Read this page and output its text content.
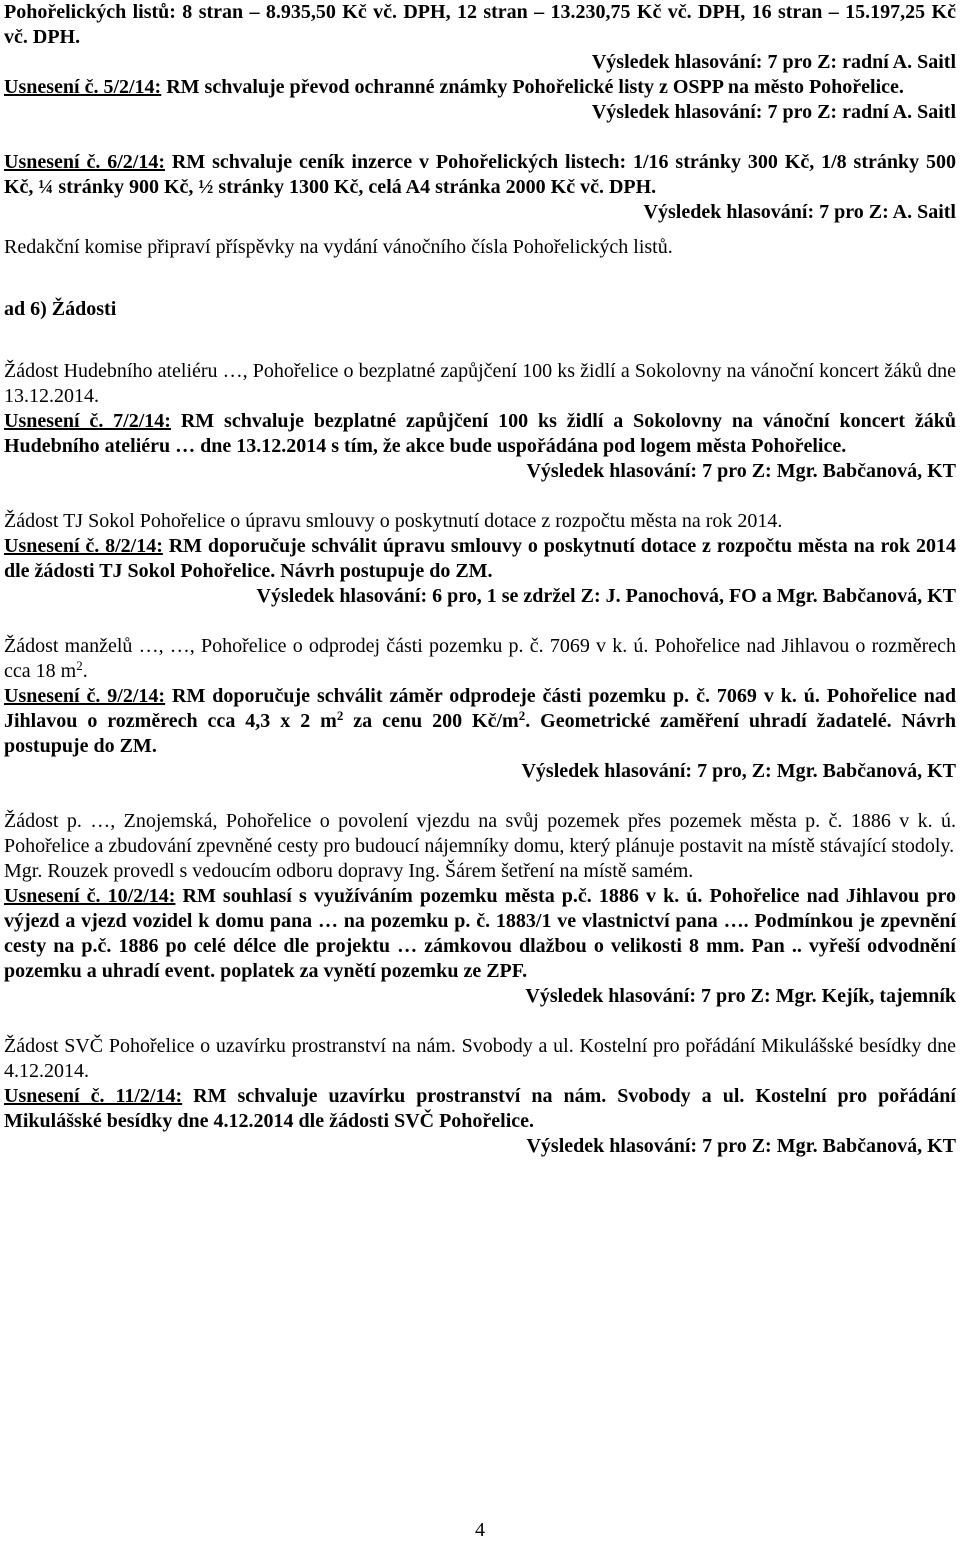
Pohořelických listů: 8 stran – 8.935,50 Kč vč. DPH, 12 stran – 13.230,75 Kč vč. DPH, 16 stran – 15.197,25 Kč vč. DPH.

Výsledek hlasování: 7 pro Z: radní A. Saitl

Usnesení č. 5/2/14: RM schvaluje převod ochranné známky Pohořelické listy z OSPP na město Pohořelice.

Výsledek hlasování: 7 pro Z: radní A. Saitl

Usnesení č. 6/2/14: RM schvaluje ceník inzerce v Pohořelických listech: 1/16 stránky 300 Kč, 1/8 stránky 500 Kč, ¼ stránky 900 Kč, ½ stránky 1300 Kč, celá A4 stránka 2000 Kč vč. DPH.

Výsledek hlasování: 7 pro Z: A. Saitl

Redakční komise připraví příspěvky na vydání vánočního čísla Pohořelických listů.

ad 6) Žádosti

Žádost Hudebního ateliéru …, Pohořelice o bezplatné zapůjčení 100 ks židlí a Sokolovny na vánoční koncert žáků dne 13.12.2014.

Usnesení č. 7/2/14: RM schvaluje bezplatné zapůjčení 100 ks židlí a Sokolovny na vánoční koncert žáků Hudebního ateliéru … dne 13.12.2014 s tím, že akce bude uspořádána pod logem města Pohořelice.

Výsledek hlasování: 7 pro Z: Mgr. Babčanová, KT

Žádost TJ Sokol Pohořelice o úpravu smlouvy o poskytnutí dotace z rozpočtu města na rok 2014.

Usnesení č. 8/2/14: RM doporučuje schválit úpravu smlouvy o poskytnutí dotace z rozpočtu města na rok 2014 dle žádosti TJ Sokol Pohořelice. Návrh postupuje do ZM.

Výsledek hlasování: 6 pro, 1 se zdržel Z: J. Panochová, FO a Mgr. Babčanová, KT

Žádost manželů …, …, Pohořelice o odprodej části pozemku p. č. 7069 v k. ú. Pohořelice nad Jihlavou o rozměrech cca 18 $m^2$.

Usnesení č. 9/2/14: RM doporučuje schválit záměr odprodeje části pozemku p. č. 7069 v k. ú. Pohořelice nad Jihlavou o rozměrech cca 4,3 x 2 $m^2$ za cenu 200 $Kč/m^2$. Geometrické zaměření uhradí žadatelé. Návrh postupuje do ZM.

Výsledek hlasování: 7 pro, Z: Mgr. Babčanová, KT

Žádost p. …, Znojemská, Pohořelice o povolení vjezdu na svůj pozemek přes pozemek města p. č. 1886 v k. ú. Pohořelice a zbudování zpevněné cesty pro budoucí nájemníky domu, který plánuje postavit na místě stávající stodoly.

Mgr. Rouzek provedl s vedoucím odboru dopravy Ing. Šárem šetření na místě samém.

Usnesení č. 10/2/14: RM souhlasí s využíváním pozemku města p.č. 1886 v k. ú. Pohořelice nad Jihlavou pro výjezd a vjezd vozidel k domu pana … na pozemku p. č. 1883/1 ve vlastnictví pana …. Podmínkou je zpevnění cesty na p.č. 1886 po celé délce dle projektu … zámkovou dlažbou o velikosti 8 mm. Pan .. vyřeší odvodnění pozemku a uhradí event. poplatek za vynětí pozemku ze ZPF.

Výsledek hlasování: 7 pro Z: Mgr. Kejík, tajemník

Žádost SVČ Pohořelice o uzavírku prostranství na nám. Svobody a ul. Kostelní pro pořádání Mikulášské besídky dne 4.12.2014.

Usnesení č. 11/2/14: RM schvaluje uzavírku prostranství na nám. Svobody a ul. Kostelní pro pořádání Mikulášské besídky dne 4.12.2014 dle žádosti SVČ Pohořelice.

Výsledek hlasování: 7 pro Z: Mgr. Babčanová, KT

4
